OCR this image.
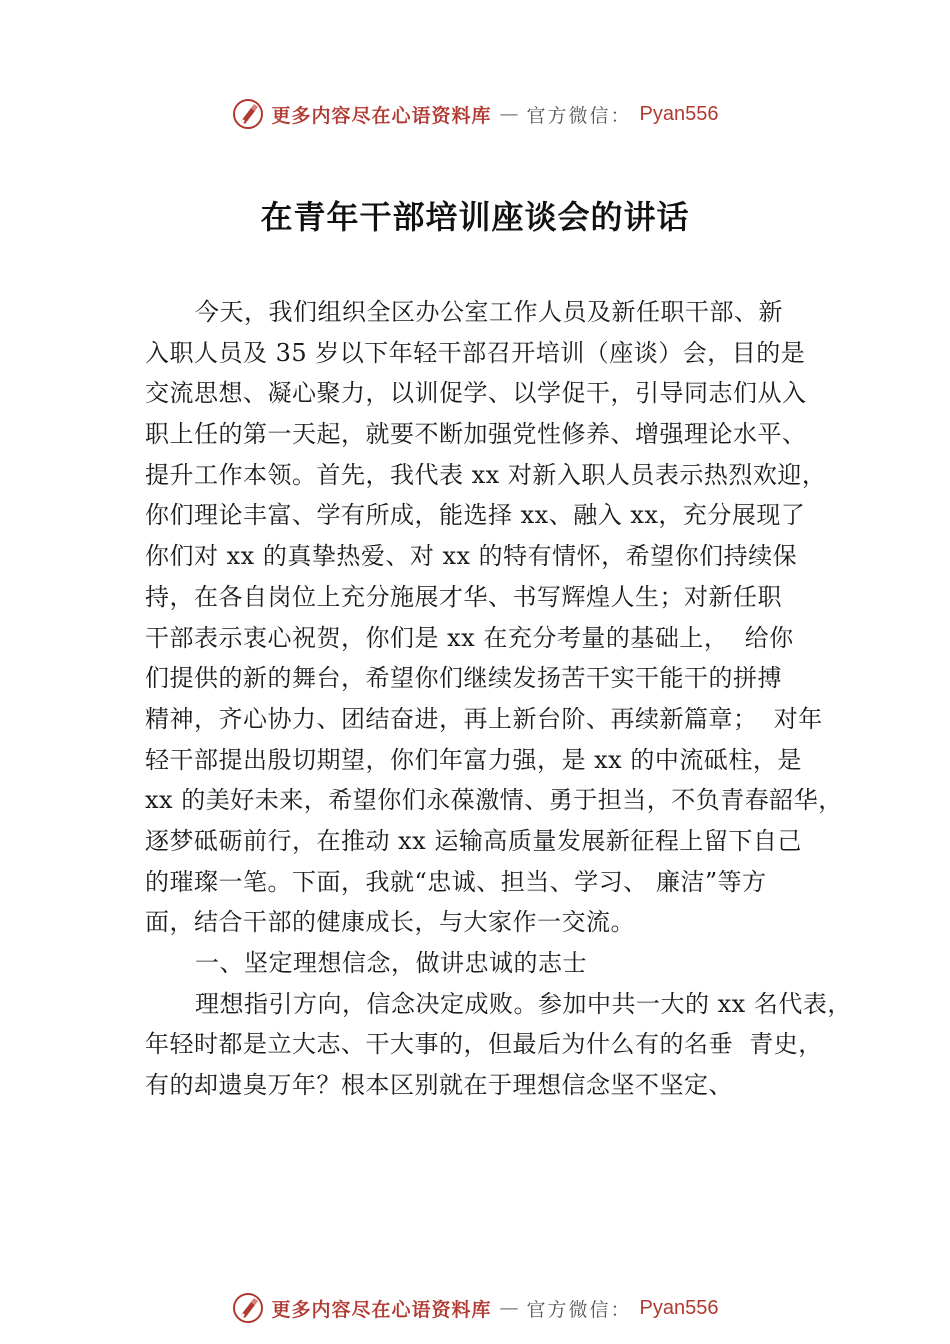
更多内容尽在心语资料库 — 官方微信： Pyan556
在青年干部培训座谈会的讲话
今天，我们组织全区办公室工作人员及新任职干部、新
入职人员及 35 岁以下年轻干部召开培训（座谈）会，目的是
交流思想、凝心聚力，以训促学、以学促干，引导同志们从入
职上任的第一天起，就要不断加强党性修养、增强理论水平、
提升工作本领。首先，我代表 xx 对新入职人员表示热烈欢迎，
你们理论丰富、学有所成，能选择 xx、融入 xx，充分展现了
你们对 xx 的真挚热爱、对 xx 的特有情怀，希望你们持续保
持，在各自岗位上充分施展才华、书写辉煌人生；对新任职
干部表示衷心祝贺，你们是 xx 在充分考量的基础上，  给你
们提供的新的舞台，希望你们继续发扬苦干实干能干的拼搏
精神，齐心协力、团结奋进，再上新台阶、再续新篇章；  对年
轻干部提出殷切期望，你们年富力强，是 xx 的中流砥柱，是
xx 的美好未来，希望你们永葆激情、勇于担当，不负青春韶华，
逐梦砥砺前行，在推动 xx 运输高质量发展新征程上留下自己
的璀璨一笔。下面，我就“忠诚、担当、学习、 廉洁”等方
面，结合干部的健康成长，与大家作一交流。
一、坚定理想信念，做讲忠诚的志士
理想指引方向，信念决定成败。参加中共一大的 xx 名代表，
年轻时都是立大志、干大事的，但最后为什么有的名垂  青史，
有的却遗臭万年？根本区别就在于理想信念坚不坚定、
更多内容尽在心语资料库 — 官方微信： Pyan556
